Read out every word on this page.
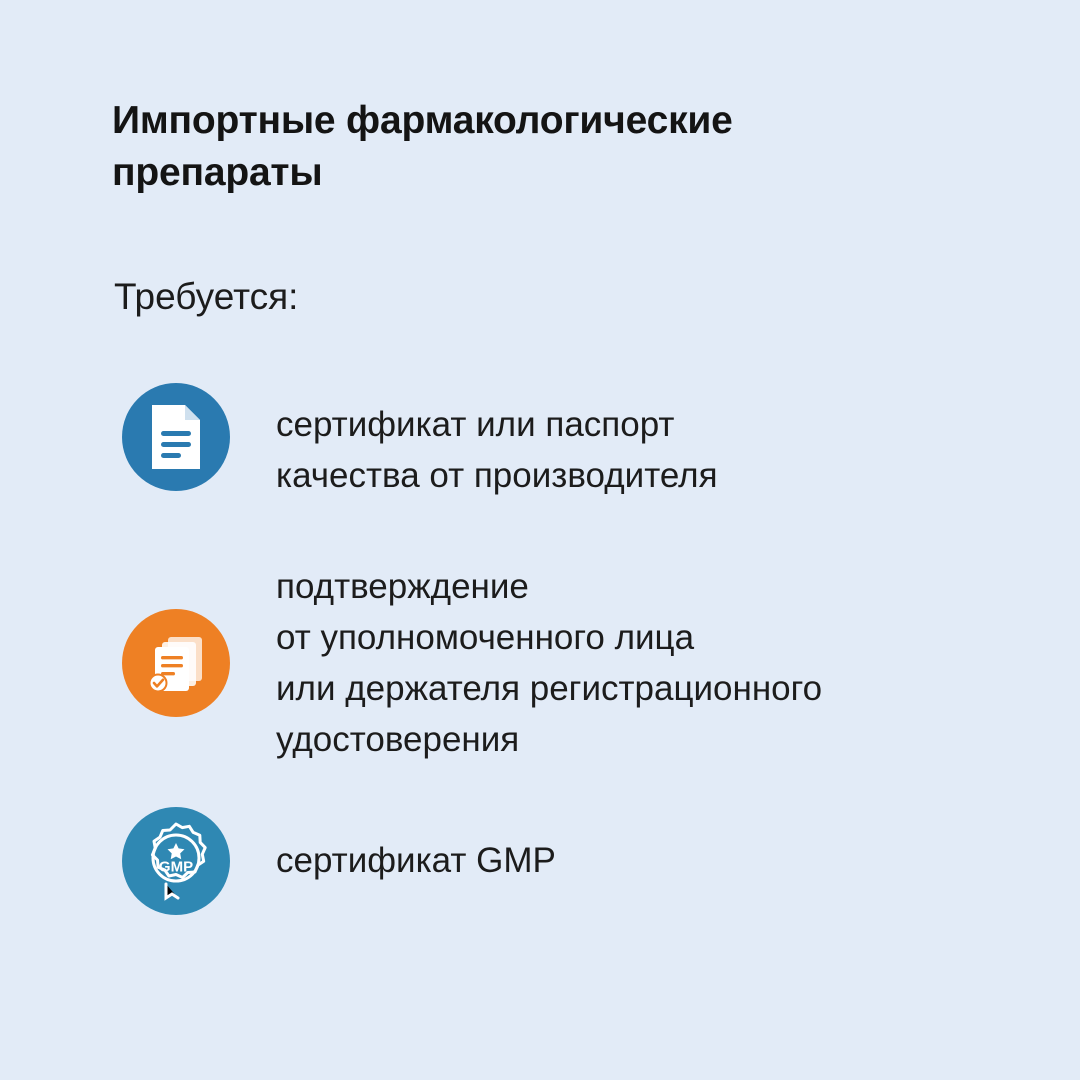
Импортные фармакологические препараты
Требуется:
сертификат или паспорт
качества от производителя
подтверждение
от уполномоченного лица
или держателя регистрационного
удостоверения
GMP сертификат GMP
